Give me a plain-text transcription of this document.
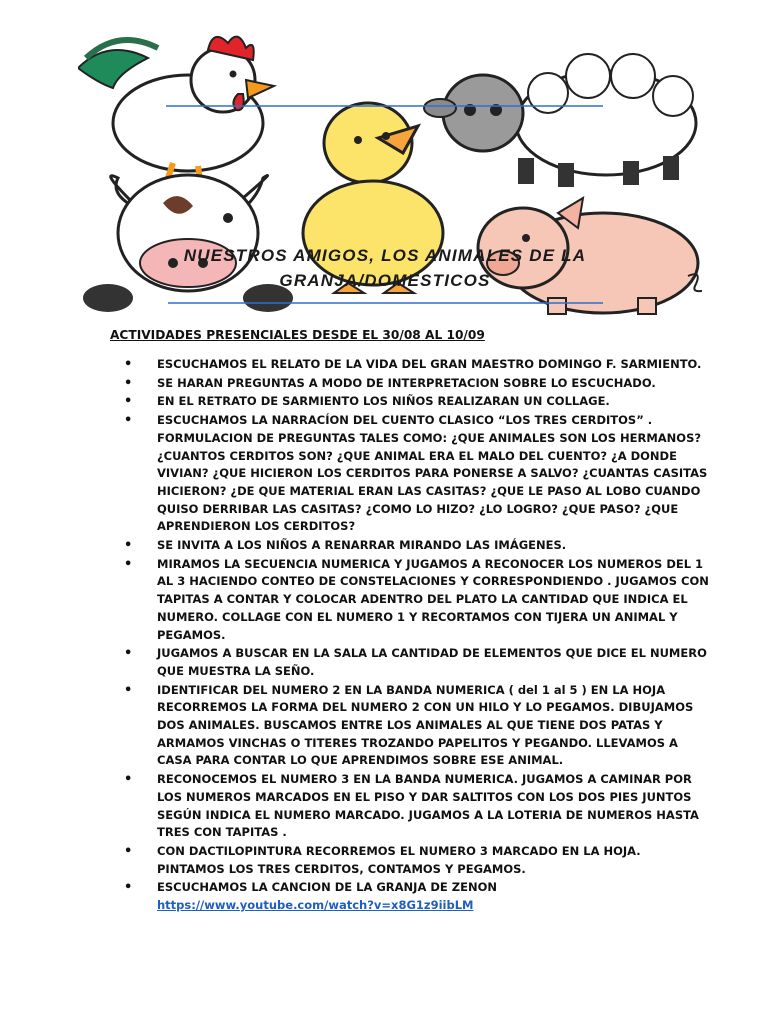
NUESTROS AMIGOS, LOS ANIMALES DE LA
GRANJA/DOMESTICOS
ACTIVIDADES PRESENCIALES DESDE EL 30/08 AL 10/09
• ESCUCHAMOS EL RELATO DE LA VIDA DEL GRAN MAESTRO DOMINGO F. SARMIENTO.
• SE HARAN PREGUNTAS A MODO DE INTERPRETACION SOBRE LO ESCUCHADO.
• EN EL RETRATO DE SARMIENTO LOS NIÑOS REALIZARAN UN COLLAGE.
• ESCUCHAMOS LA NARRACÍON DEL CUENTO CLASICO “LOS TRES CERDITOS” . FORMULACION DE PREGUNTAS TALES COMO: ¿QUE ANIMALES SON LOS HERMANOS? ¿CUANTOS CERDITOS SON? ¿QUE ANIMAL ERA EL MALO DEL CUENTO? ¿A DONDE VIVIAN? ¿QUE HICIERON LOS CERDITOS PARA PONERSE A SALVO? ¿CUANTAS CASITAS HICIERON? ¿DE QUE MATERIAL ERAN LAS CASITAS? ¿QUE LE PASO AL LOBO CUANDO QUISO DERRIBAR LAS CASITAS? ¿COMO LO HIZO? ¿LO LOGRO? ¿QUE PASO? ¿QUE APRENDIERON LOS CERDITOS?
• SE INVITA A LOS NIÑOS A RENARRAR MIRANDO LAS IMÁGENES.
• MIRAMOS LA SECUENCIA NUMERICA Y JUGAMOS A RECONOCER LOS NUMEROS DEL 1 AL 3 HACIENDO CONTEO DE CONSTELACIONES Y CORRESPONDIENDO . JUGAMOS CON TAPITAS A CONTAR Y COLOCAR ADENTRO DEL PLATO LA CANTIDAD QUE INDICA EL NUMERO. COLLAGE CON EL NUMERO 1 Y RECORTAMOS CON TIJERA UN ANIMAL Y PEGAMOS.
• JUGAMOS A BUSCAR EN LA SALA LA CANTIDAD DE ELEMENTOS QUE DICE EL NUMERO QUE MUESTRA LA SEÑO.
• IDENTIFICAR DEL NUMERO 2 EN LA BANDA NUMERICA ( del 1 al 5 ) EN LA HOJA RECORREMOS LA FORMA DEL NUMERO 2 CON UN HILO Y LO PEGAMOS. DIBUJAMOS DOS ANIMALES. BUSCAMOS ENTRE LOS ANIMALES AL QUE TIENE DOS PATAS Y ARMAMOS VINCHAS O TITERES TROZANDO PAPELITOS Y PEGANDO. LLEVAMOS A CASA PARA CONTAR LO QUE APRENDIMOS SOBRE ESE ANIMAL.
• RECONOCEMOS EL NUMERO 3 EN LA BANDA NUMERICA. JUGAMOS A CAMINAR POR LOS NUMEROS MARCADOS EN EL PISO Y DAR SALTITOS CON LOS DOS PIES JUNTOS SEGÚN INDICA EL NUMERO MARCADO. JUGAMOS A LA LOTERIA DE NUMEROS HASTA TRES CON TAPITAS .
• CON DACTILOPINTURA RECORREMOS EL NUMERO 3 MARCADO EN LA HOJA. PINTAMOS LOS TRES CERDITOS, CONTAMOS Y PEGAMOS.
• ESCUCHAMOS LA CANCION DE LA GRANJA DE ZENON
https://www.youtube.com/watch?v=x8G1z9iibLM
